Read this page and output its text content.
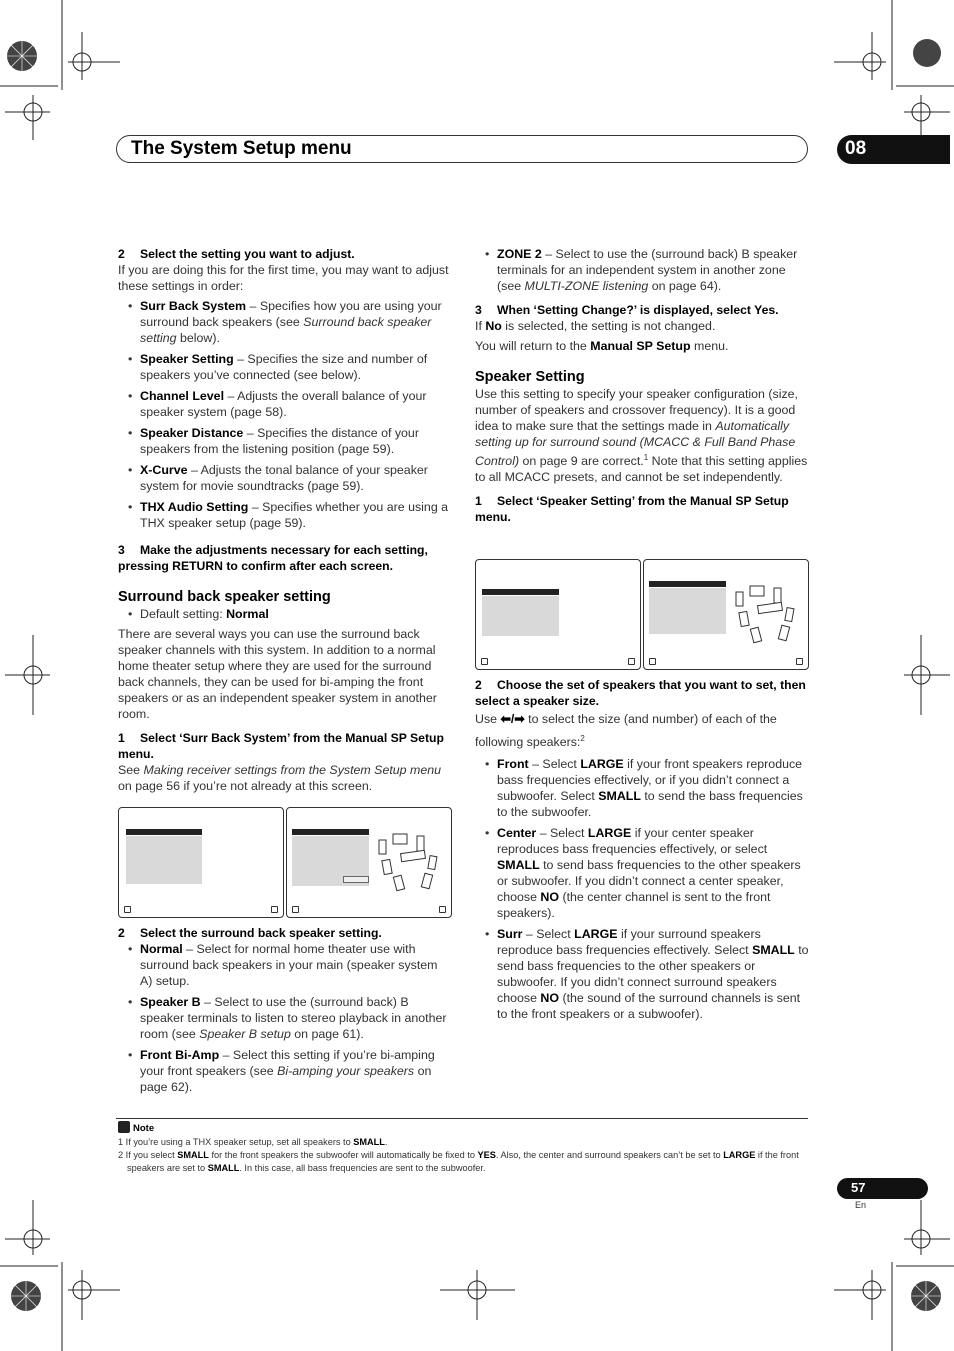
The System Setup menu	08
2 Select the setting you want to adjust.
If you are doing this for the first time, you may want to adjust these settings in order:
• Surr Back System – Specifies how you are using your surround back speakers (see Surround back speaker setting below).
• Speaker Setting – Specifies the size and number of speakers you’ve connected (see below).
• Channel Level – Adjusts the overall balance of your speaker system (page 58).
• Speaker Distance – Specifies the distance of your speakers from the listening position (page 59).
• X-Curve – Adjusts the tonal balance of your speaker system for movie soundtracks (page 59).
• THX Audio Setting – Specifies whether you are using a THX speaker setup (page 59).
3 Make the adjustments necessary for each setting, pressing RETURN to confirm after each screen.
Surround back speaker setting
• Default setting: Normal
There are several ways you can use the surround back speaker channels with this system. In addition to a normal home theater setup where they are used for the surround back channels, they can be used for bi-amping the front speakers or as an independent speaker system in another room.
1 Select ‘Surr Back System’ from the Manual SP Setup menu.
See Making receiver settings from the System Setup menu on page 56 if you’re not already at this screen.
2 Select the surround back speaker setting.
• Normal – Select for normal home theater use with surround back speakers in your main (speaker system A) setup.
• Speaker B – Select to use the (surround back) B speaker terminals to listen to stereo playback in another room (see Speaker B setup on page 61).
• Front Bi-Amp – Select this setting if you’re bi-amping your front speakers (see Bi-amping your speakers on page 62).
• ZONE 2 – Select to use the (surround back) B speaker terminals for an independent system in another zone (see MULTI-ZONE listening on page 64).
3 When ‘Setting Change?’ is displayed, select Yes.
If No is selected, the setting is not changed.
You will return to the Manual SP Setup menu.
Speaker Setting
Use this setting to specify your speaker configuration (size, number of speakers and crossover frequency). It is a good idea to make sure that the settings made in Automatically setting up for surround sound (MCACC & Full Band Phase Control) on page 9 are correct.$^1$ Note that this setting applies to all MCACC presets, and cannot be set independently.
1 Select ‘Speaker Setting’ from the Manual SP Setup menu.
2 Choose the set of speakers that you want to set, then select a speaker size.
Use ⬅/➡ to select the size (and number) of each of the following speakers:$^2$
• Front – Select LARGE if your front speakers reproduce bass frequencies effectively, or if you didn’t connect a subwoofer. Select SMALL to send the bass frequencies to the subwoofer.
• Center – Select LARGE if your center speaker reproduces bass frequencies effectively, or select SMALL to send bass frequencies to the other speakers or subwoofer. If you didn’t connect a center speaker, choose NO (the center channel is sent to the front speakers).
• Surr – Select LARGE if your surround speakers reproduce bass frequencies effectively. Select SMALL to send bass frequencies to the other speakers or subwoofer. If you didn’t connect surround speakers choose NO (the sound of the surround channels is sent to the front speakers or a subwoofer).
Note
1 If you’re using a THX speaker setup, set all speakers to SMALL.
2 If you select SMALL for the front speakers the subwoofer will automatically be fixed to YES. Also, the center and surround speakers can’t be set to LARGE if the front speakers are set to SMALL. In this case, all bass frequencies are sent to the subwoofer.
57
En
